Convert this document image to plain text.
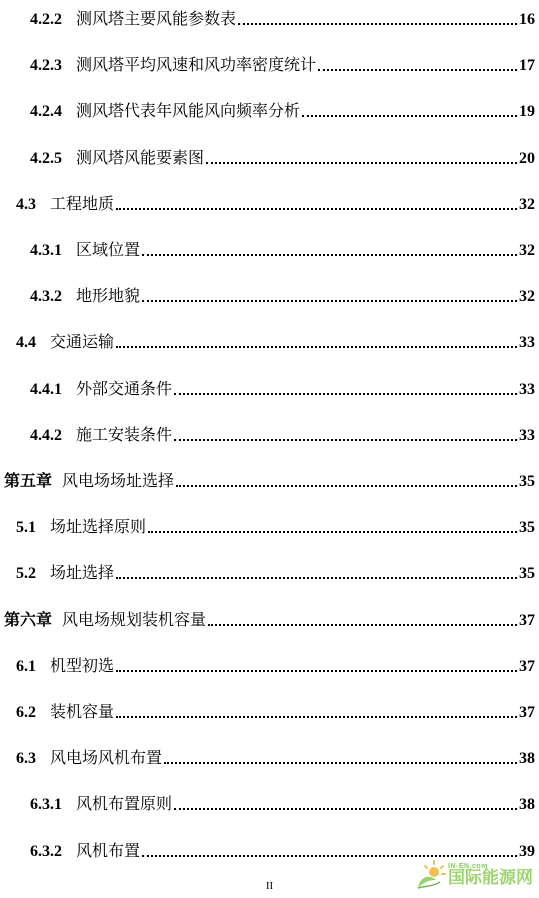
4.2.2 测风塔主要风能参数表	16
4.2.3 测风塔平均风速和风功率密度统计	17
4.2.4 测风塔代表年风能风向频率分析	19
4.2.5 测风塔风能要素图	20
4.3 工程地质	32
4.3.1 区域位置	32
4.3.2 地形地貌	32
4.4 交通运输	33
4.4.1 外部交通条件	33
4.4.2 施工安装条件	33
第五章 风电场场址选择	35
5.1 场址选择原则	35
5.2 场址选择	35
第六章 风电场规划装机容量	37
6.1 机型初选	37
6.2 装机容量	37
6.3 风电场风机布置	38
6.3.1 风机布置原则	38
6.3.2 风机布置	39
II
IN-EN.com
国际能源网
